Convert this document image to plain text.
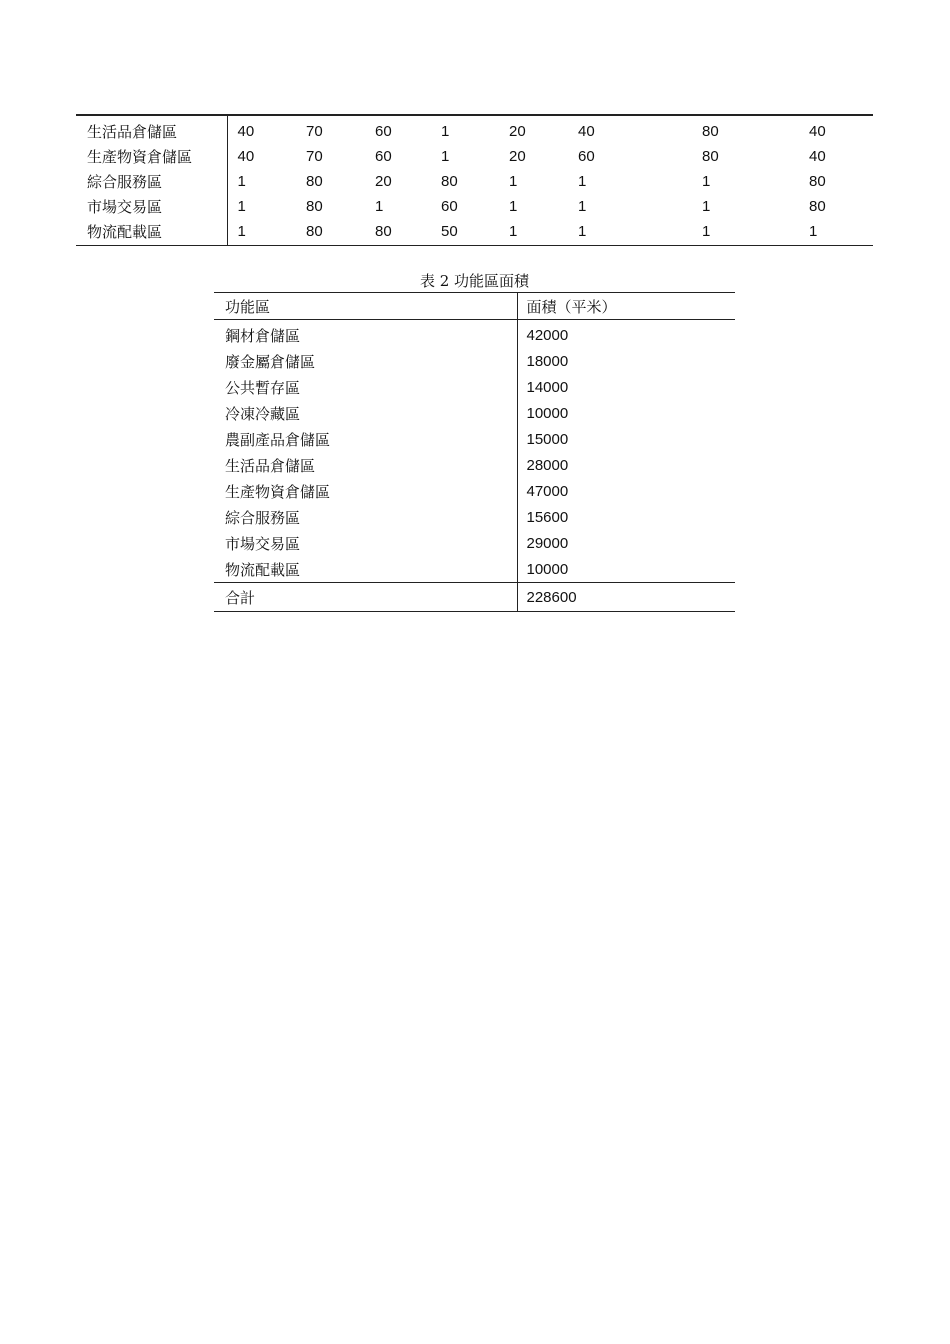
生活品倉儲區	40	70	60	1	20	40	80	40	
生產物資倉儲區	40	70	60	1	20	60	80	40	
綜合服務區	1	80	20	80	1	1	1	80	
市場交易區	1	80	1	60	1	1	1	80	
物流配載區	1	80	80	50	1	1	1	1	
表 2 功能區面積
功能區	面積（平米）
鋼材倉儲區	42000
廢金屬倉儲區	18000
公共暫存區	14000
冷凍冷藏區	10000
農副產品倉儲區	15000
生活品倉儲區	28000
生產物資倉儲區	47000
綜合服務區	15600
市場交易區	29000
物流配載區	10000
合計	228600
